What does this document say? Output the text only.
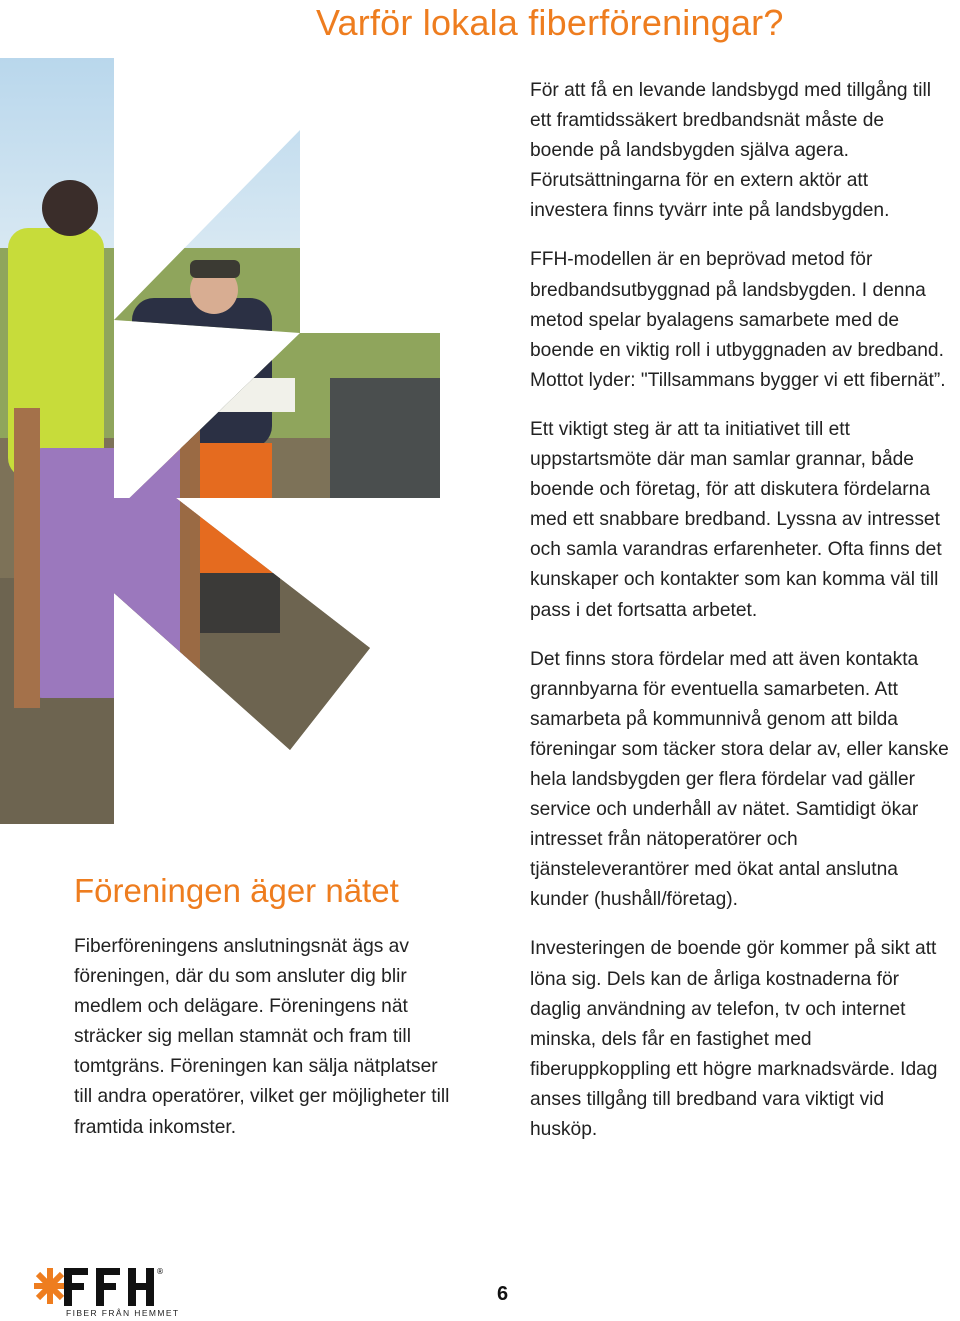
Varför lokala fiberföreningar?

För att få en levande landsbygd med tillgång till ett framtidssäkert bredbandsnät måste de boende på landsbygden själva agera. Förutsättningarna för en extern aktör att investera finns tyvärr inte på landsbygden.

FFH-modellen är en beprövad metod för bredbandsutbyggnad på landsbygden. I denna metod spelar byalagens samarbete med de boende en viktig roll i utbyggnaden av bredband. Mottot lyder: "Tillsammans bygger vi ett fibernät”.

Ett viktigt steg är att ta initiativet till ett uppstartsmöte där man samlar grannar, både boende och företag, för att diskutera fördelarna med ett snabbare bredband. Lyssna av intresset och samla varandras erfarenheter. Ofta finns det kunskaper och kontakter som kan komma väl till pass i det fortsatta arbetet.

Det finns stora fördelar med att även kontakta grannbyarna för eventuella samarbeten. Att samarbeta på kommunnivå genom att bilda föreningar som täcker stora delar av, eller kanske hela landsbygden ger flera fördelar vad gäller service och underhåll av nätet. Samtidigt ökar intresset från nätoperatörer och tjänsteleverantörer med ökat antal anslutna kunder (hushåll/företag).

Investeringen de boende gör kommer på sikt att löna sig. Dels kan de årliga kostnaderna för daglig användning av telefon, tv och internet minska, dels får en fastighet med fiberuppkoppling ett högre marknadsvärde. Idag anses tillgång till bredband vara viktigt vid husköp.

Föreningen äger nätet

Fiberföreningens anslutningsnät ägs av föreningen, där du som ansluter dig blir medlem och delägare. Föreningens nät sträcker sig mellan stamnät och fram till tomtgräns. Föreningen kan sälja nätplatser till andra operatörer, vilket ger möjligheter till framtida inkomster.

®
FIBER FRÅN HEMMET
6
